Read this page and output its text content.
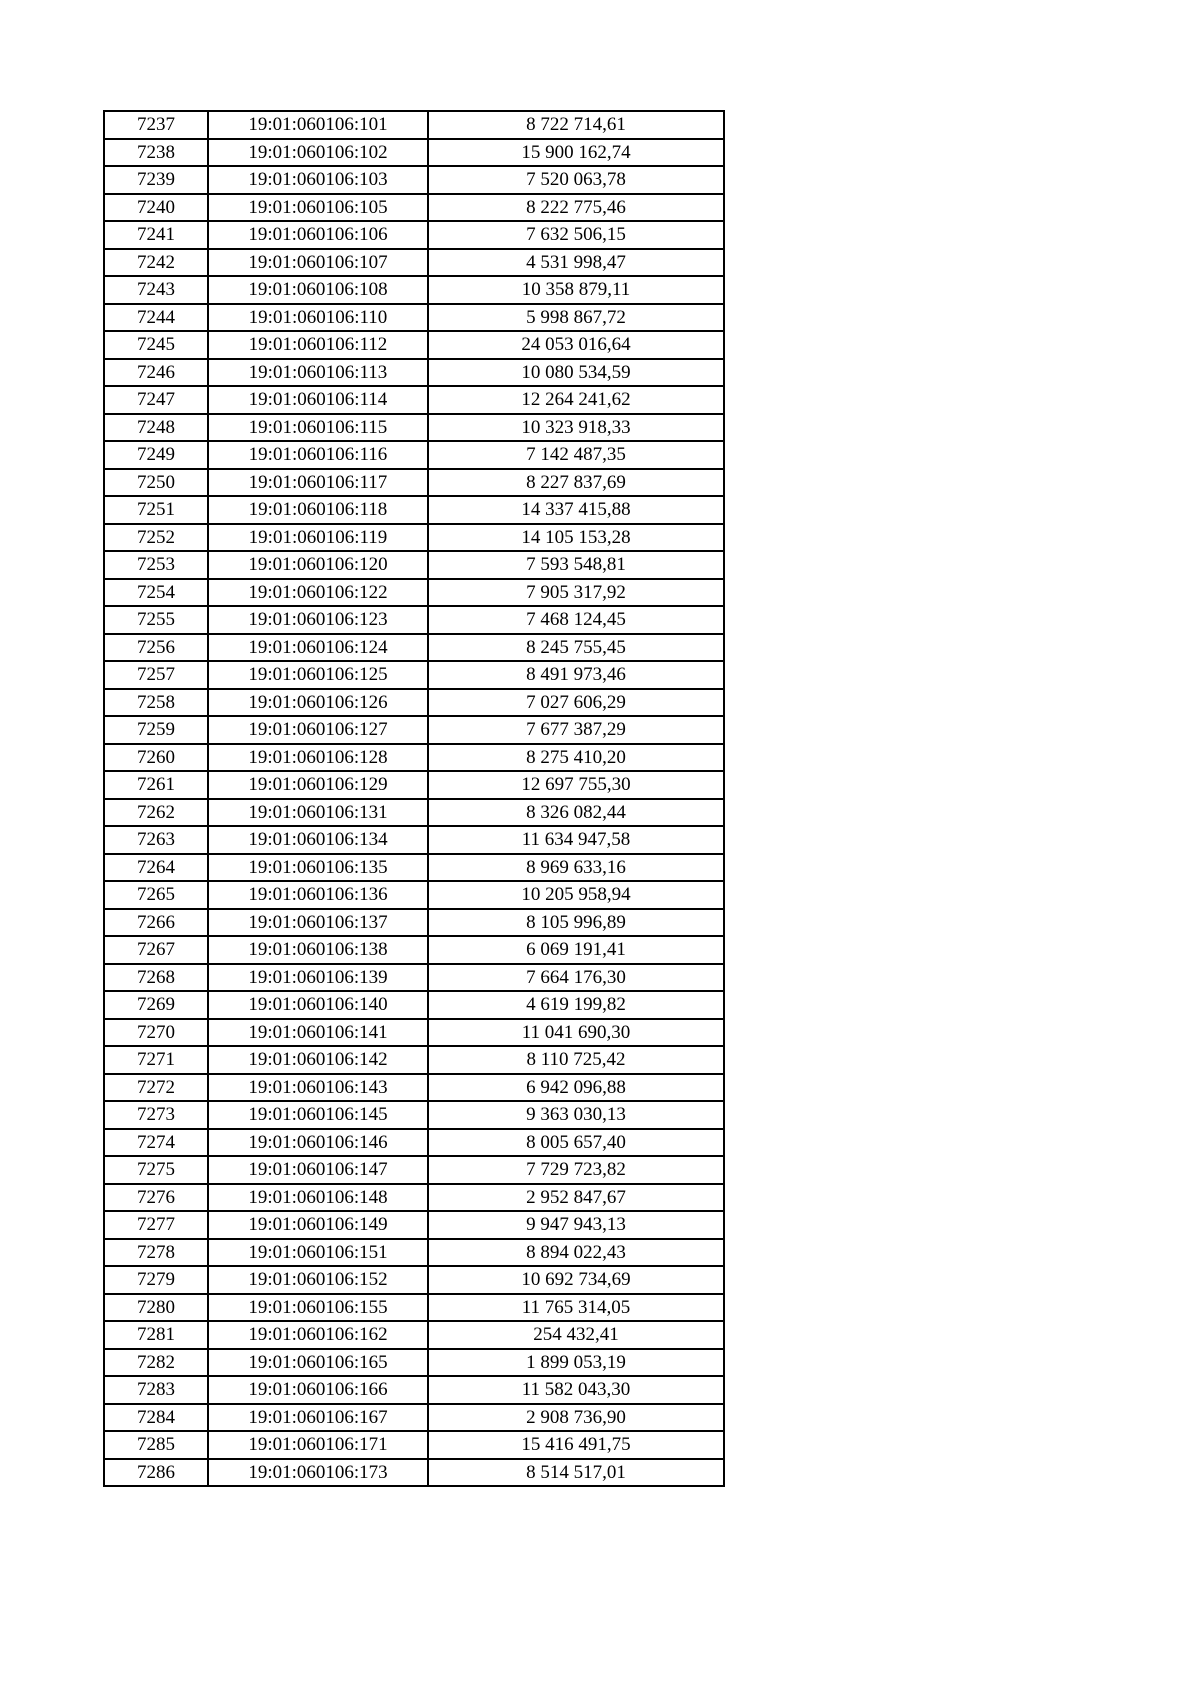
7237	19:01:060106:101	8 722 714,61
7238	19:01:060106:102	15 900 162,74
7239	19:01:060106:103	7 520 063,78
7240	19:01:060106:105	8 222 775,46
7241	19:01:060106:106	7 632 506,15
7242	19:01:060106:107	4 531 998,47
7243	19:01:060106:108	10 358 879,11
7244	19:01:060106:110	5 998 867,72
7245	19:01:060106:112	24 053 016,64
7246	19:01:060106:113	10 080 534,59
7247	19:01:060106:114	12 264 241,62
7248	19:01:060106:115	10 323 918,33
7249	19:01:060106:116	7 142 487,35
7250	19:01:060106:117	8 227 837,69
7251	19:01:060106:118	14 337 415,88
7252	19:01:060106:119	14 105 153,28
7253	19:01:060106:120	7 593 548,81
7254	19:01:060106:122	7 905 317,92
7255	19:01:060106:123	7 468 124,45
7256	19:01:060106:124	8 245 755,45
7257	19:01:060106:125	8 491 973,46
7258	19:01:060106:126	7 027 606,29
7259	19:01:060106:127	7 677 387,29
7260	19:01:060106:128	8 275 410,20
7261	19:01:060106:129	12 697 755,30
7262	19:01:060106:131	8 326 082,44
7263	19:01:060106:134	11 634 947,58
7264	19:01:060106:135	8 969 633,16
7265	19:01:060106:136	10 205 958,94
7266	19:01:060106:137	8 105 996,89
7267	19:01:060106:138	6 069 191,41
7268	19:01:060106:139	7 664 176,30
7269	19:01:060106:140	4 619 199,82
7270	19:01:060106:141	11 041 690,30
7271	19:01:060106:142	8 110 725,42
7272	19:01:060106:143	6 942 096,88
7273	19:01:060106:145	9 363 030,13
7274	19:01:060106:146	8 005 657,40
7275	19:01:060106:147	7 729 723,82
7276	19:01:060106:148	2 952 847,67
7277	19:01:060106:149	9 947 943,13
7278	19:01:060106:151	8 894 022,43
7279	19:01:060106:152	10 692 734,69
7280	19:01:060106:155	11 765 314,05
7281	19:01:060106:162	254 432,41
7282	19:01:060106:165	1 899 053,19
7283	19:01:060106:166	11 582 043,30
7284	19:01:060106:167	2 908 736,90
7285	19:01:060106:171	15 416 491,75
7286	19:01:060106:173	8 514 517,01
